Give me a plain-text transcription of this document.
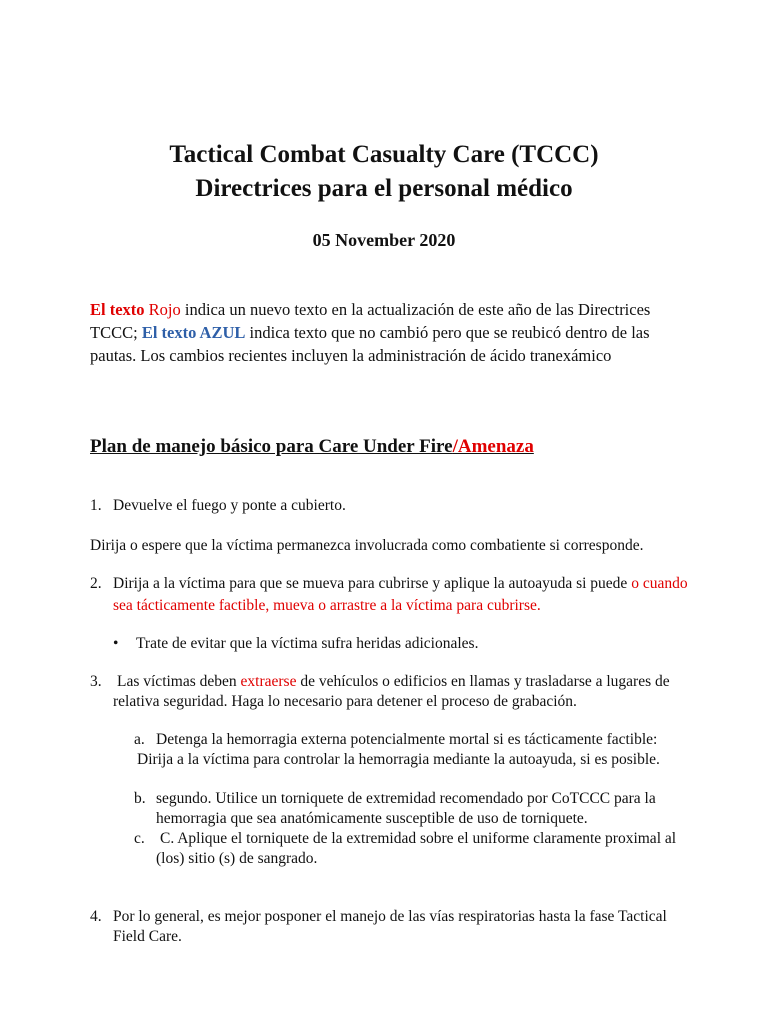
Tactical Combat Casualty Care (TCCC)
Directrices para el personal médico
05 November 2020
El texto Rojo indica un nuevo texto en la actualización de este año de las Directrices TCCC; El texto AZUL indica texto que no cambió pero que se reubicó dentro de las pautas. Los cambios recientes incluyen la administración de ácido tranexámico
Plan de manejo básico para Care Under Fire/Amenaza
1. Devuelve el fuego y ponte a cubierto.
Dirija o espere que la víctima permanezca involucrada como combatiente si corresponde.
2. Dirija a la víctima para que se mueva para cubrirse y aplique la autoayuda si puede o cuando
sea tácticamente factible, mueva o arrastre a la víctima para cubrirse.
• Trate de evitar que la víctima sufra heridas adicionales.
3. Las víctimas deben extraerse de vehículos o edificios en llamas y trasladarse a lugares de
relativa seguridad. Haga lo necesario para detener el proceso de grabación.
a. Detenga la hemorragia externa potencialmente mortal si es tácticamente factible:
Dirija a la víctima para controlar la hemorragia mediante la autoayuda, si es posible.
b. segundo. Utilice un torniquete de extremidad recomendado por CoTCCC para la
hemorragia que sea anatómicamente susceptible de uso de torniquete.
c. C. Aplique el torniquete de la extremidad sobre el uniforme claramente proximal al
(los) sitio (s) de sangrado.
4. Por lo general, es mejor posponer el manejo de las vías respiratorias hasta la fase Tactical
Field Care.
